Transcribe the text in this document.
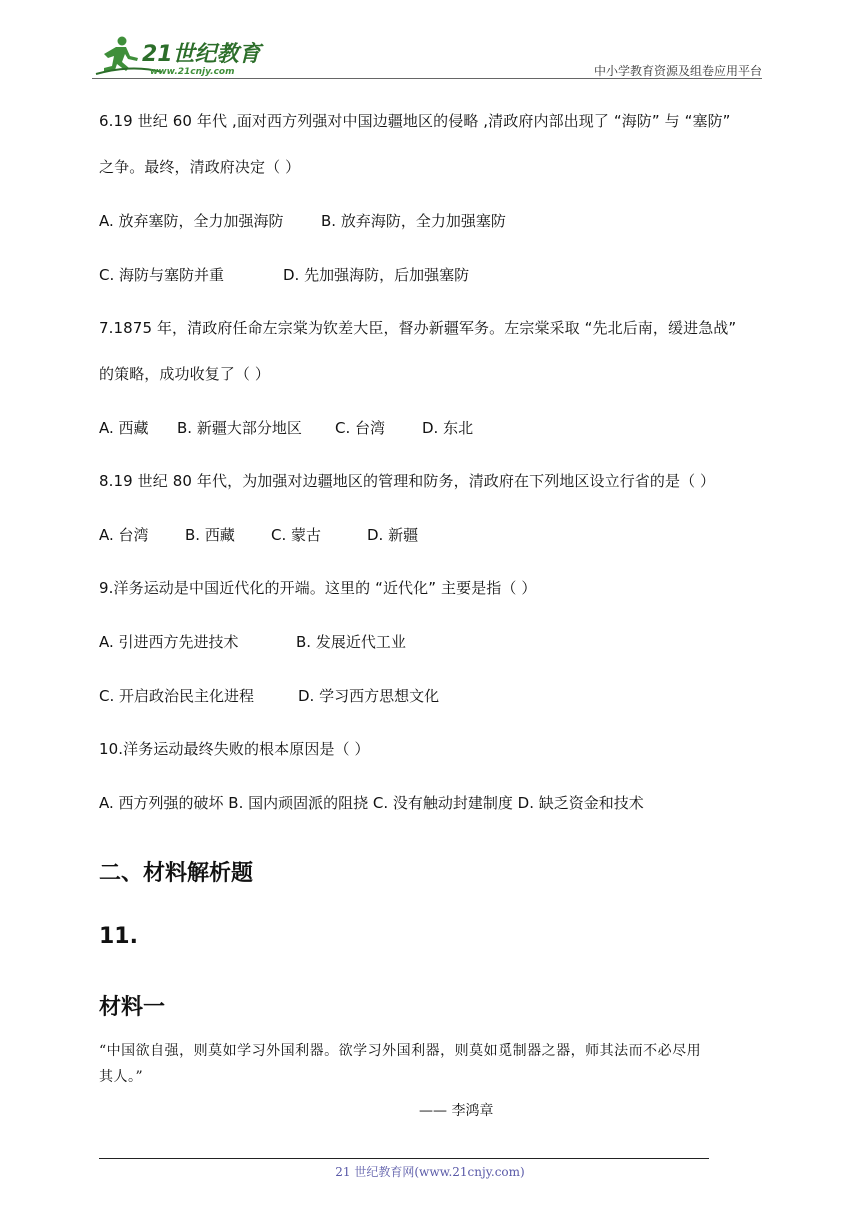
21世纪教育
www.21cnjy.com	中小学教育资源及组卷应用平台
6.19 世纪 60 年代 ,面对西方列强对中国边疆地区的侵略 ,清政府内部出现了 “海防” 与 “塞防”
之争。最终，清政府决定（ ）
A. 放弃塞防，全力加强海防 B. 放弃海防，全力加强塞防
C. 海防与塞防并重	D. 先加强海防，后加强塞防
7.1875 年，清政府任命左宗棠为钦差大臣，督办新疆军务。左宗棠采取 “先北后南，缓进急战”
的策略，成功收复了（ ）
A. 西藏 B. 新疆大部分地区 C. 台湾 D. 东北
8.19 世纪 80 年代，为加强对边疆地区的管理和防务，清政府在下列地区设立行省的是（ ）
A. 台湾 B. 西藏 C. 蒙古	D. 新疆
9.洋务运动是中国近代化的开端。这里的 “近代化” 主要是指（ ）
A. 引进西方先进技术	B. 发展近代工业
C. 开启政治民主化进程	D. 学习西方思想文化
10.洋务运动最终失败的根本原因是（ ）
A. 西方列强的破坏 B. 国内顽固派的阻挠 C. 没有触动封建制度 D. 缺乏资金和技术
二、材料解析题
11.
材料一
“中国欲自强，则莫如学习外国利器。欲学习外国利器，则莫如觅制器之器，师其法而不必尽用
其人。”
—— 李鸿章
21 世纪教育网(www.21cnjy.com)
